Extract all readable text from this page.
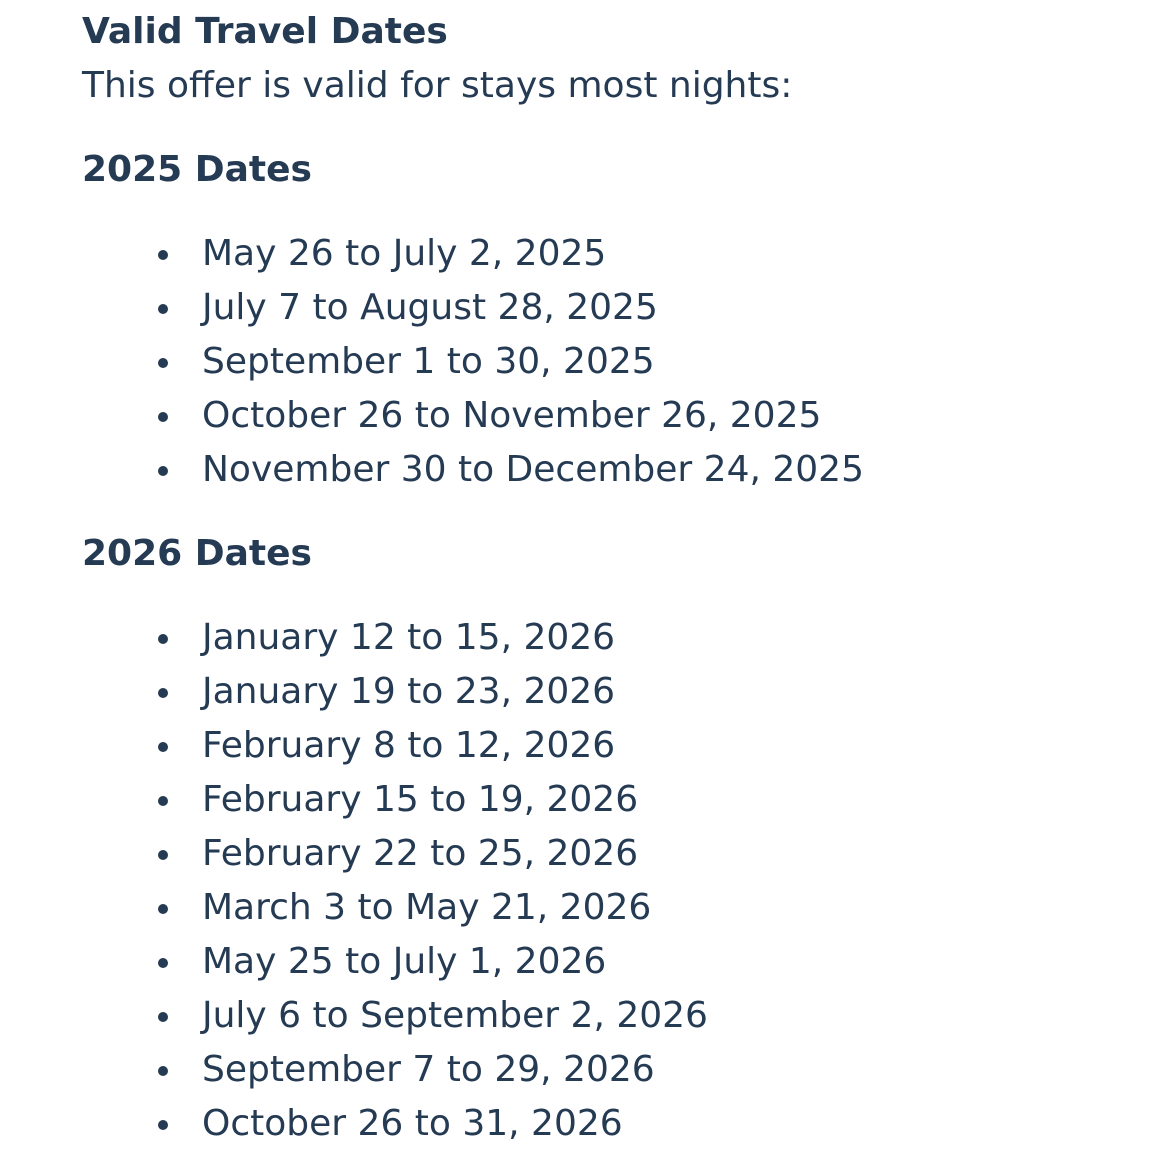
Valid Travel Dates

This offer is valid for stays most nights:

2025 Dates
May 26 to July 2, 2025
July 7 to August 28, 2025
September 1 to 30, 2025
October 26 to November 26, 2025
November 30 to December 24, 2025
2026 Dates
January 12 to 15, 2026
January 19 to 23, 2026
February 8 to 12, 2026
February 15 to 19, 2026
February 22 to 25, 2026
March 3 to May 21, 2026
May 25 to July 1, 2026
July 6 to September 2, 2026
September 7 to 29, 2026
October 26 to 31, 2026
